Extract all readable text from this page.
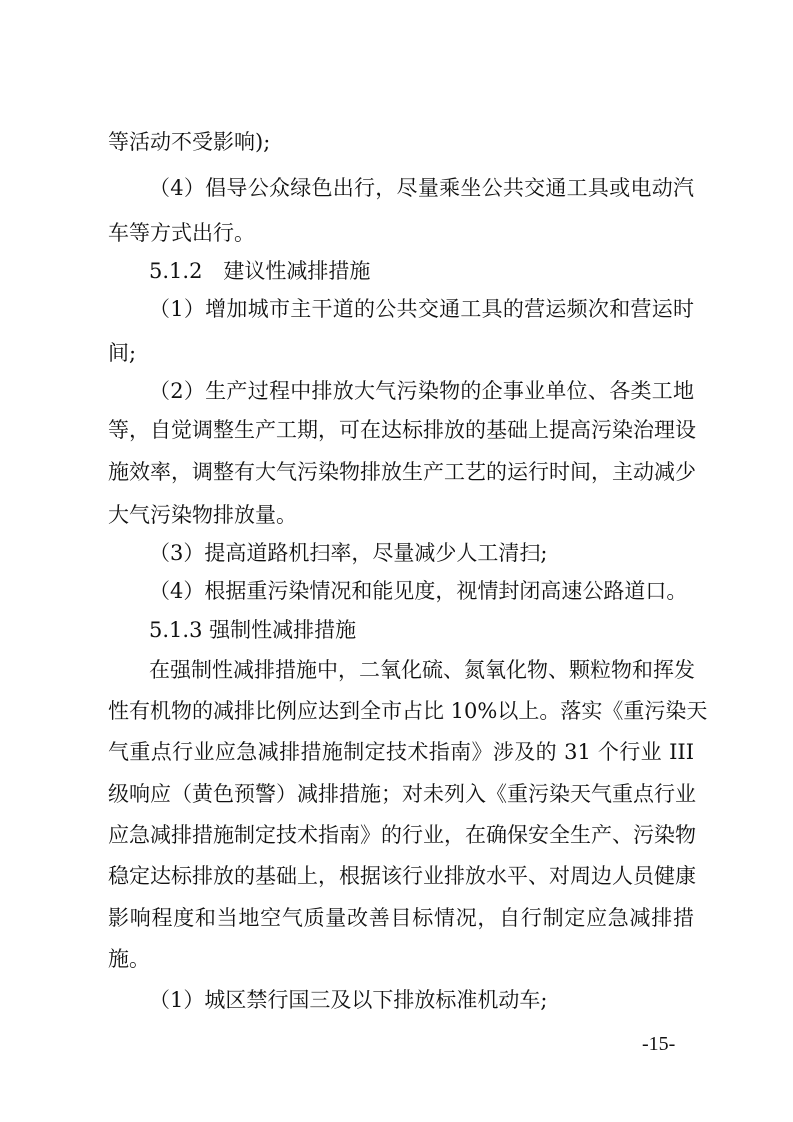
等活动不受影响);
（4）倡导公众绿色出行，尽量乘坐公共交通工具或电动汽
车等方式出行。
5.1.2　建议性减排措施
（1）增加城市主干道的公共交通工具的营运频次和营运时
间;
（2）生产过程中排放大气污染物的企事业单位、各类工地
等，自觉调整生产工期，可在达标排放的基础上提高污染治理设
施效率，调整有大气污染物排放生产工艺的运行时间，主动减少
大气污染物排放量。
（3）提高道路机扫率，尽量减少人工清扫;
（4）根据重污染情况和能见度，视情封闭高速公路道口。
5.1.3 强制性减排措施
在强制性减排措施中，二氧化硫、氮氧化物、颗粒物和挥发
性有机物的减排比例应达到全市占比 10%以上。落实《重污染天
气重点行业应急减排措施制定技术指南》涉及的 31 个行业 III
级响应（黄色预警）减排措施；对未列入《重污染天气重点行业
应急减排措施制定技术指南》的行业，在确保安全生产、污染物
稳定达标排放的基础上，根据该行业排放水平、对周边人员健康
影响程度和当地空气质量改善目标情况，自行制定应急减排措
施。
（1）城区禁行国三及以下排放标准机动车;
-15-
